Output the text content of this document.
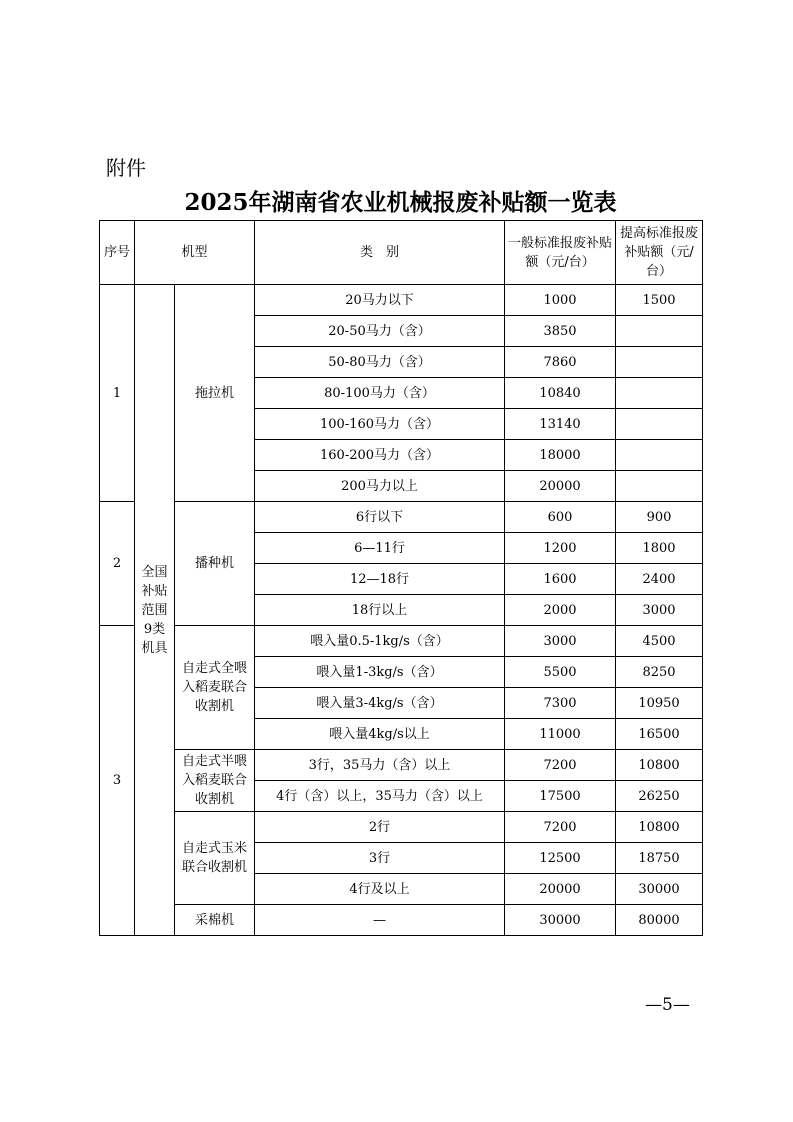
附件
2025年湖南省农业机械报废补贴额一览表
序号	机型		类　别	一般标准报废补贴额（元/台）	提高标准报废补贴额（元/台）
1	全国补贴范围9类机具	拖拉机	20马力以下	1000	1500
			20-50马力（含）	3850	
			50-80马力（含）	7860	
			80-100马力（含）	10840	
			100-160马力（含）	13140	
			160-200马力（含）	18000	
			200马力以上	20000	
2		播种机	6行以下	600	900
			6—11行	1200	1800
			12—18行	1600	2400
			18行以上	2000	3000
3		自走式全喂入稻麦联合收割机	喂入量0.5-1kg/s（含）	3000	4500
			喂入量1-3kg/s（含）	5500	8250
			喂入量3-4kg/s（含）	7300	10950
			喂入量4kg/s以上	11000	16500
		自走式半喂入稻麦联合收割机	3行，35马力（含）以上	7200	10800
			4行（含）以上，35马力（含）以上	17500	26250
		自走式玉米联合收割机	2行	7200	10800
			3行	12500	18750
			4行及以上	20000	30000
		采棉机	—	30000	80000
—5—
